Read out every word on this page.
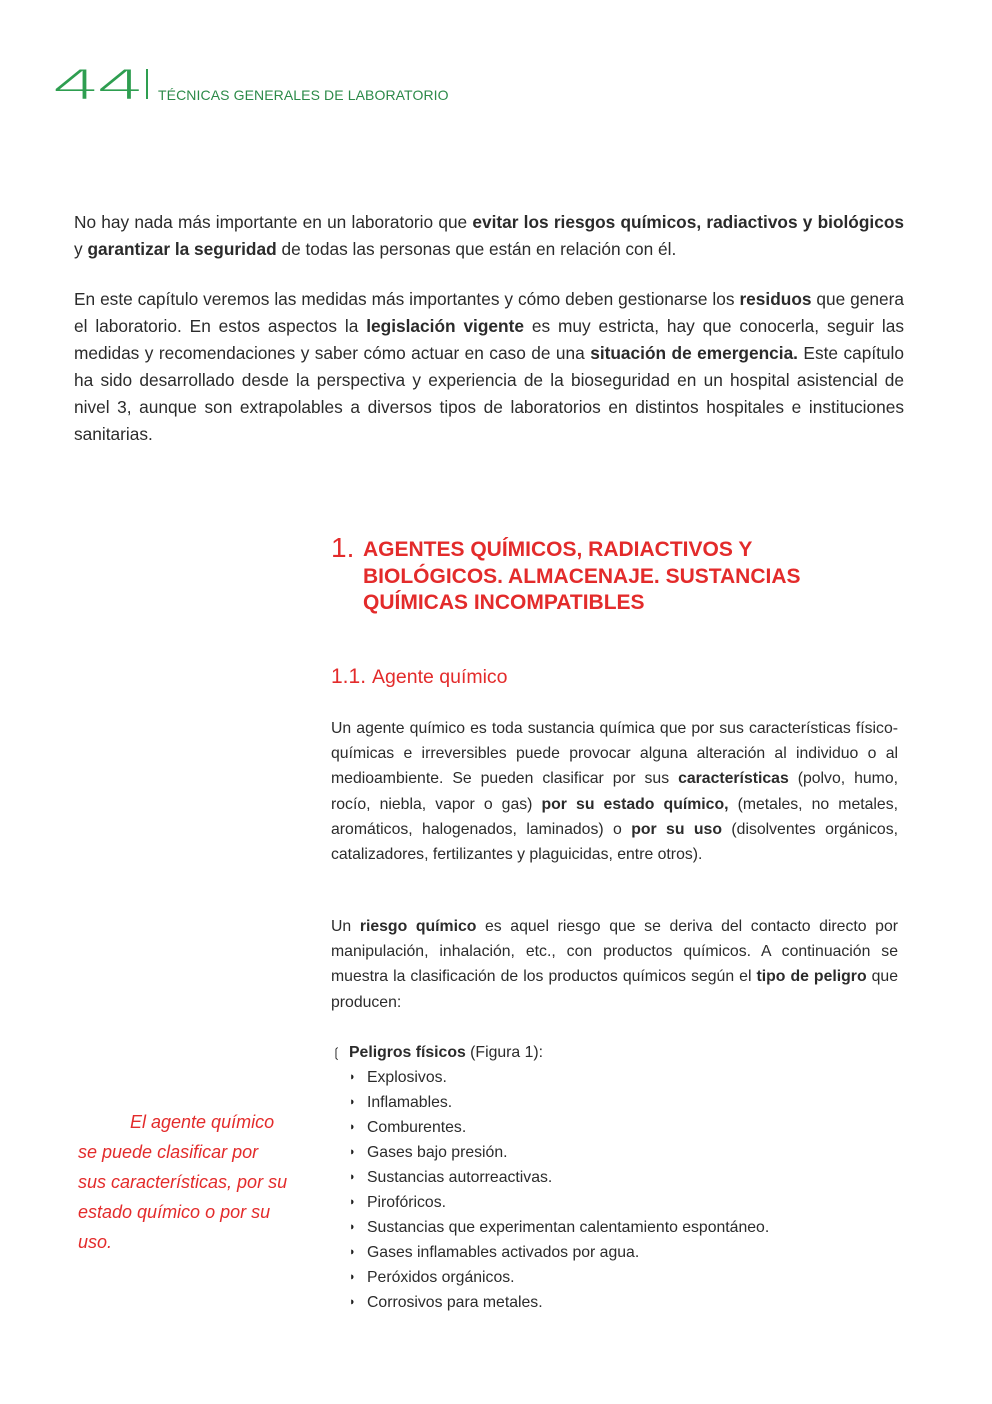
44 TÉCNICAS GENERALES DE LABORATORIO

No hay nada más importante en un laboratorio que evitar los riesgos químicos, radiactivos y biológicos y garantizar la seguridad de todas las personas que están en relación con él.

En este capítulo veremos las medidas más importantes y cómo deben gestionarse los residuos que genera el laboratorio. En estos aspectos la legislación vigente es muy estricta, hay que conocerla, seguir las medidas y recomendaciones y saber cómo actuar en caso de una situación de emergencia. Este capítulo ha sido desarrollado desde la perspectiva y experiencia de la bioseguridad en un hospital asistencial de nivel 3, aunque son extrapolables a diversos tipos de laboratorios en distintos hospitales e instituciones sanitarias.

1. AGENTES QUÍMICOS, RADIACTIVOS Y BIOLÓGICOS. ALMACENAJE. SUSTANCIAS QUÍMICAS INCOMPATIBLES
1.1. Agente químico

Un agente químico es toda sustancia química que por sus características físico-químicas e irreversibles puede provocar alguna alteración al individuo o al medioambiente. Se pueden clasificar por sus características (polvo, humo, rocío, niebla, vapor o gas) por su estado químico, (metales, no metales, aromáticos, halogenados, laminados) o por su uso (disolventes orgánicos, catalizadores, fertilizantes y plaguicidas, entre otros).

Un riesgo químico es aquel riesgo que se deriva del contacto directo por manipulación, inhalación, etc., con productos químicos. A continuación se muestra la clasificación de los productos químicos según el tipo de peligro que producen:

❲ Peligros físicos (Figura 1):
◗ Explosivos.
◗ Inflamables.
◗ Comburentes.
◗ Gases bajo presión.
◗ Sustancias autorreactivas.
◗ Pirofóricos.
◗ Sustancias que experimentan calentamiento espontáneo.
◗ Gases inflamables activados por agua.
◗ Peróxidos orgánicos.
◗ Corrosivos para metales.
El agente químico se puede clasificar por sus características, por su estado químico o por su uso.
